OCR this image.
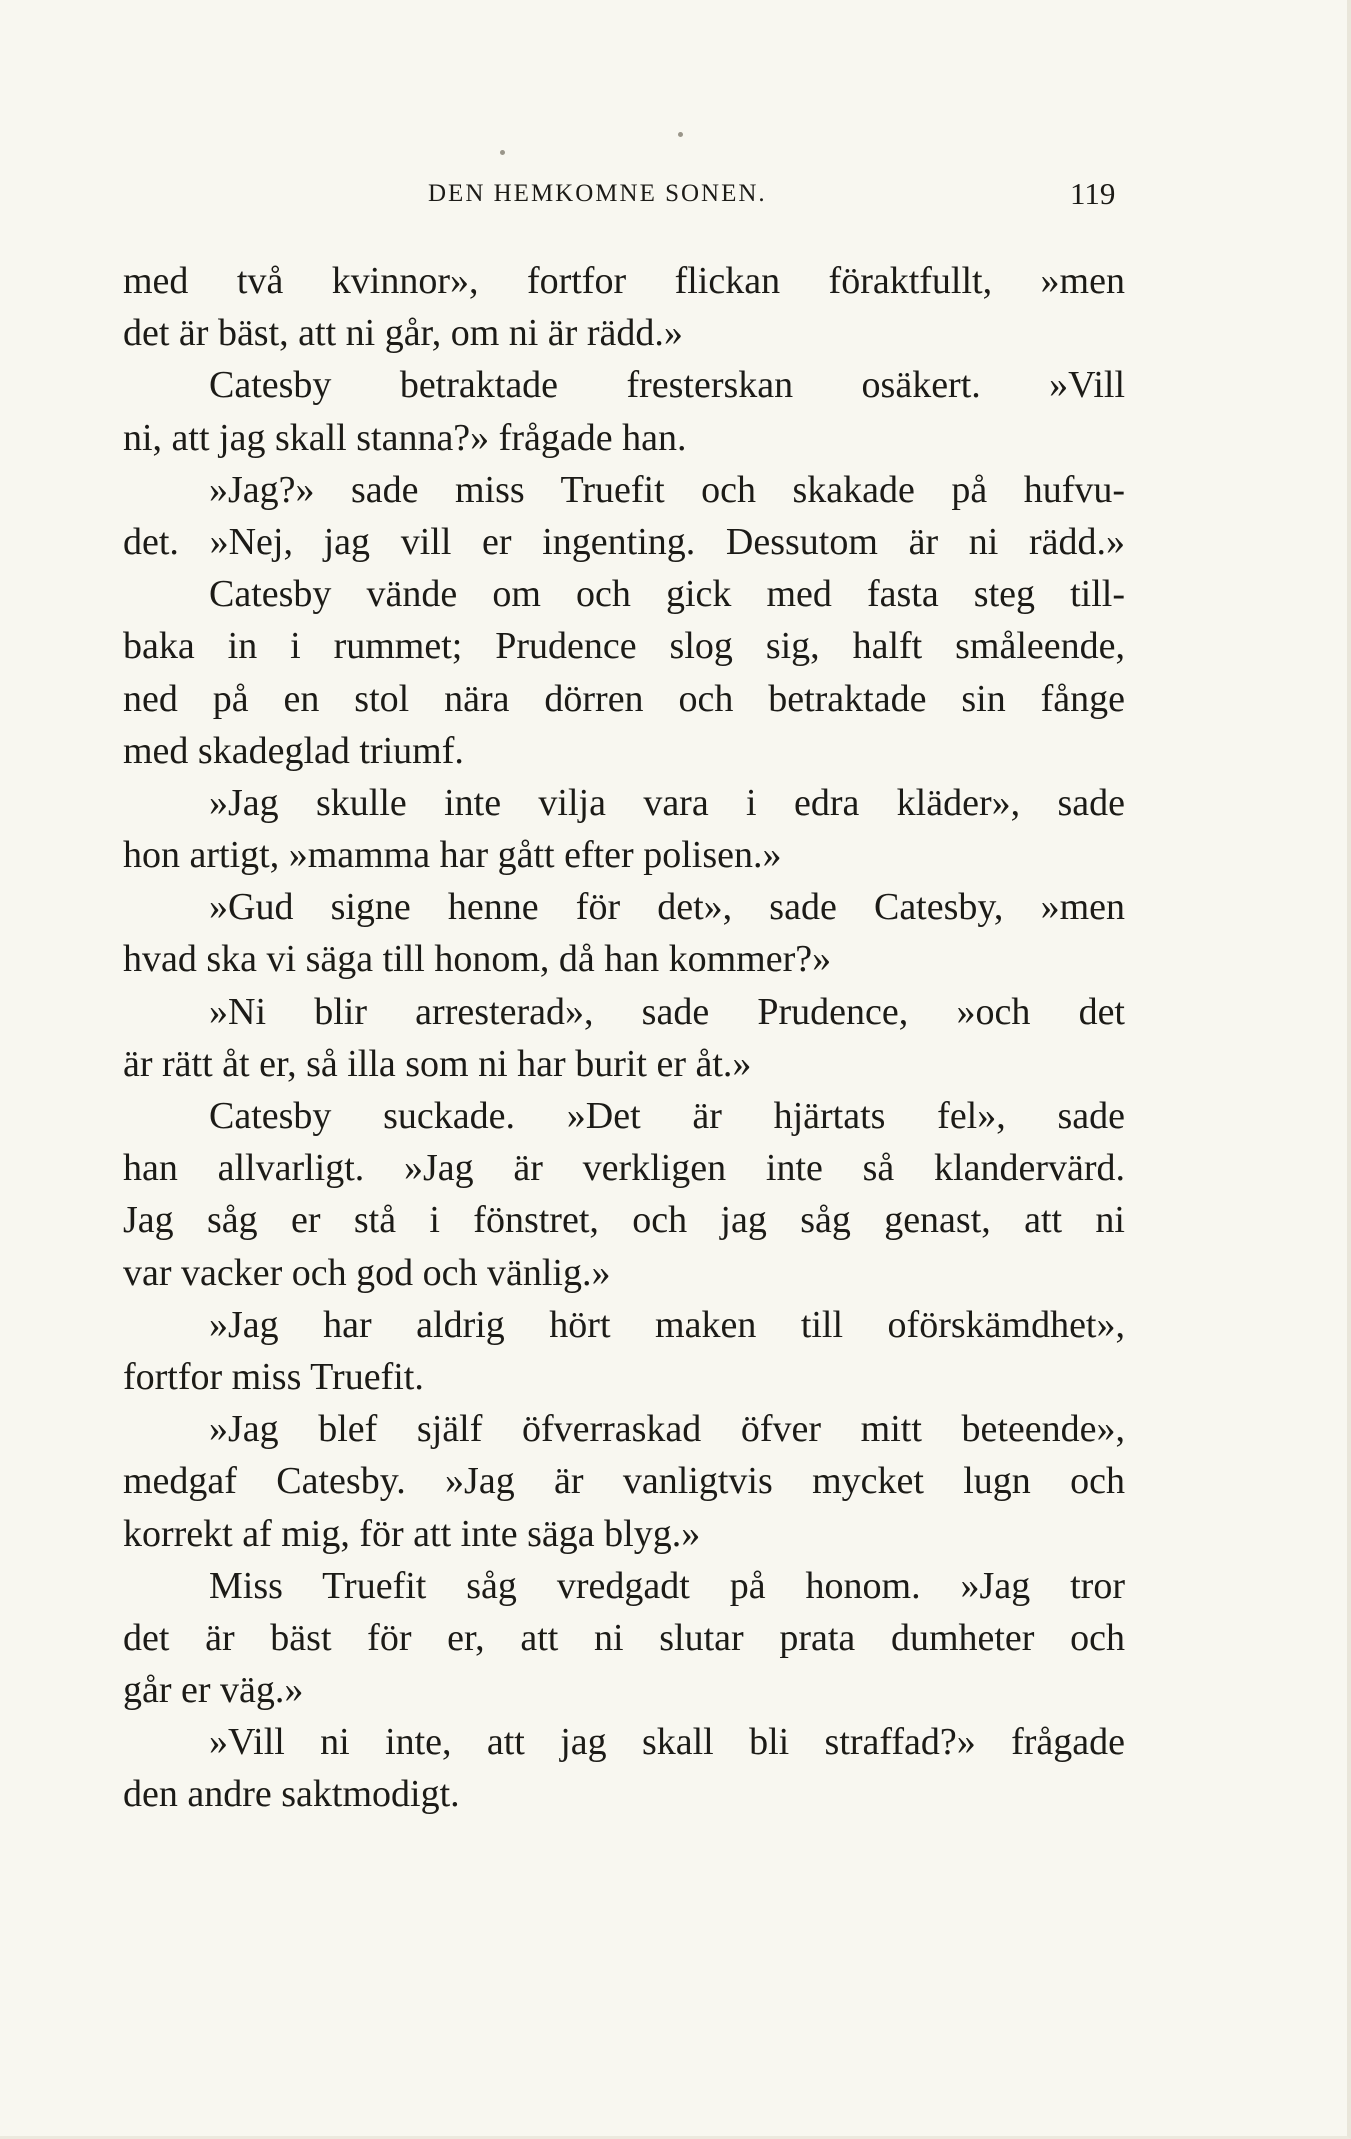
DEN HEMKOMNE SONEN.	119
med två kvinnor», fortfor flickan föraktfullt, »men
det är bäst, att ni går, om ni är rädd.»
Catesby betraktade fresterskan osäkert. »Vill
ni, att jag skall stanna?» frågade han.
»Jag?» sade miss Truefit och skakade på hufvu-
det. »Nej, jag vill er ingenting. Dessutom är ni rädd.»
Catesby vände om och gick med fasta steg till-
baka in i rummet; Prudence slog sig, halft småleende,
ned på en stol nära dörren och betraktade sin fånge
med skadeglad triumf.
»Jag skulle inte vilja vara i edra kläder», sade
hon artigt, »mamma har gått efter polisen.»
»Gud signe henne för det», sade Catesby, »men
hvad ska vi säga till honom, då han kommer?»
»Ni blir arresterad», sade Prudence, »och det
är rätt åt er, så illa som ni har burit er åt.»
Catesby suckade. »Det är hjärtats fel», sade
han allvarligt. »Jag är verkligen inte så klandervärd.
Jag såg er stå i fönstret, och jag såg genast, att ni
var vacker och god och vänlig.»
»Jag har aldrig hört maken till oförskämdhet»,
fortfor miss Truefit.
»Jag blef själf öfverraskad öfver mitt beteende»,
medgaf Catesby. »Jag är vanligtvis mycket lugn och
korrekt af mig, för att inte säga blyg.»
Miss Truefit såg vredgadt på honom. »Jag tror
det är bäst för er, att ni slutar prata dumheter och
går er väg.»
»Vill ni inte, att jag skall bli straffad?» frågade
den andre saktmodigt.
